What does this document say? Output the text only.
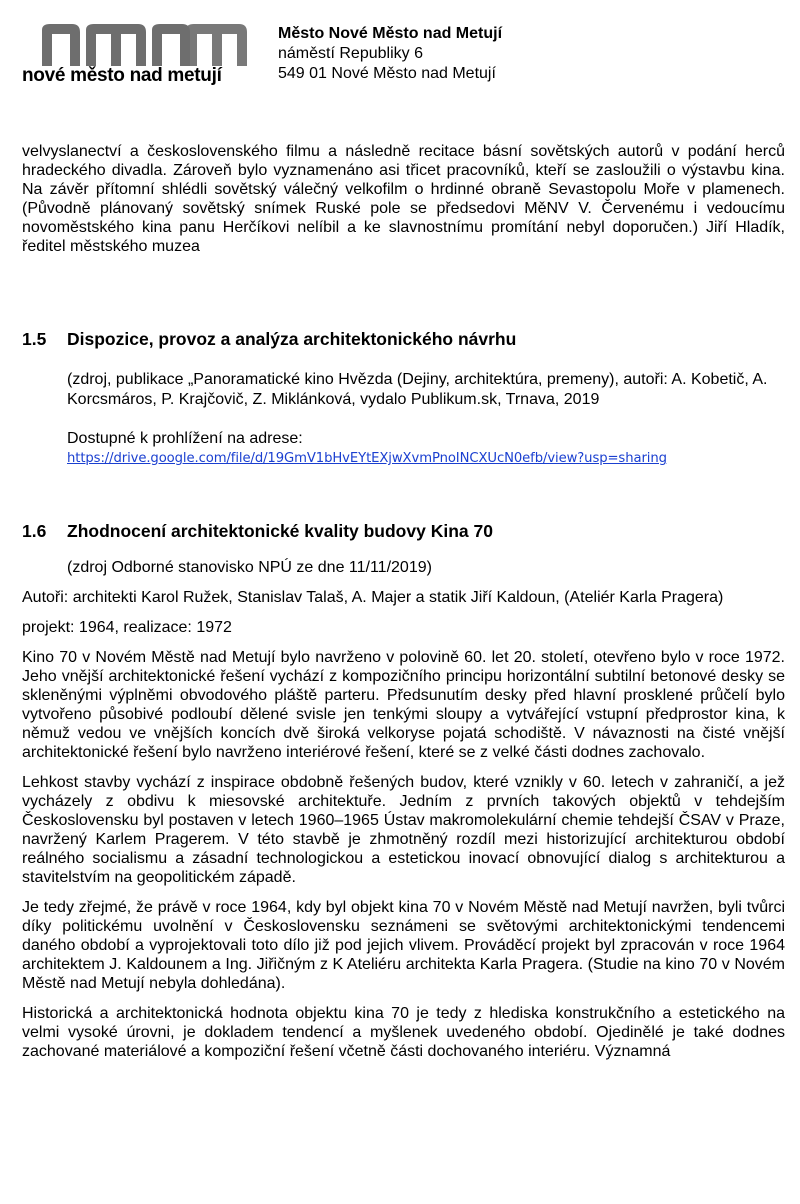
nové město nad metují
Město Nové Město nad Metují
náměstí Republiky 6
549 01 Nové Město nad Metují

velvyslanectví a československého filmu a následně recitace básní sovětských autorů v podání herců hradeckého divadla. Zároveň bylo vyznamenáno asi třicet pracovníků, kteří se zasloužili o výstavbu kina. Na závěr přítomní shlédli sovětský válečný velkofilm o hrdinné obraně Sevastopolu Moře v plamenech. (Původně plánovaný sovětský snímek Ruské pole se předsedovi MěNV V. Červenému i vedoucímu novoměstského kina panu Herčíkovi nelíbil a ke slavnostnímu promítání nebyl doporučen.) Jiří Hladík, ředitel městského muzea

1.5	Dispozice, provoz a analýza architektonického návrhu

(zdroj, publikace „Panoramatické kino Hvězda (Dejiny, architektúra, premeny), autoři: A. Kobetič, A. Korcsmáros, P. Krajčovič, Z. Miklánková, vydalo Publikum.sk, Trnava, 2019

Dostupné k prohlížení na adrese:

https://drive.google.com/file/d/19GmV1bHvEYtEXjwXvmPnoINCXUcN0efb/view?usp=sharing

1.6	Zhodnocení architektonické kvality budovy Kina 70

(zdroj Odborné stanovisko NPÚ ze dne 11/11/2019)

Autoři: architekti Karol Ružek, Stanislav Talaš, A. Majer a statik Jiří Kaldoun, (Ateliér Karla Pragera)

projekt: 1964, realizace: 1972

Kino 70 v Novém Městě nad Metují bylo navrženo v polovině 60. let 20. století, otevřeno bylo v roce 1972. Jeho vnější architektonické řešení vychází z kompozičního principu horizontální subtilní betonové desky se skleněnými výplněmi obvodového pláště parteru. Předsunutím desky před hlavní prosklené průčelí bylo vytvořeno působivé podloubí dělené svisle jen tenkými sloupy a vytvářející vstupní předprostor kina, k němuž vedou ve vnějších koncích dvě široká velkoryse pojatá schodiště. V návaznosti na čisté vnější architektonické řešení bylo navrženo interiérové řešení, které se z velké části dodnes zachovalo.

Lehkost stavby vychází z inspirace obdobně řešených budov, které vznikly v 60. letech v zahraničí, a jež vycházely z obdivu k miesovské architektuře. Jedním z prvních takových objektů v tehdejším Československu byl postaven v letech 1960–1965 Ústav makromolekulární chemie tehdejší ČSAV v Praze, navržený Karlem Pragerem. V této stavbě je zhmotněný rozdíl mezi historizující architekturou období reálného socialismu a zásadní technologickou a estetickou inovací obnovující dialog s architekturou a stavitelstvím na geopolitickém západě.

Je tedy zřejmé, že právě v roce 1964, kdy byl objekt kina 70 v Novém Městě nad Metují navržen, byli tvůrci díky politickému uvolnění v Československu seznámeni se světovými architektonickými tendencemi daného období a vyprojektovali toto dílo již pod jejich vlivem. Prováděcí projekt byl zpracován v roce 1964 architektem J. Kaldounem a Ing. Jiřičným z K Ateliéru architekta Karla Pragera. (Studie na kino 70 v Novém Městě nad Metují nebyla dohledána).

Historická a architektonická hodnota objektu kina 70 je tedy z hlediska konstrukčního a estetického na velmi vysoké úrovni, je dokladem tendencí a myšlenek uvedeného období. Ojedinělé je také dodnes zachované materiálové a kompoziční řešení včetně části dochovaného interiéru. Významná
